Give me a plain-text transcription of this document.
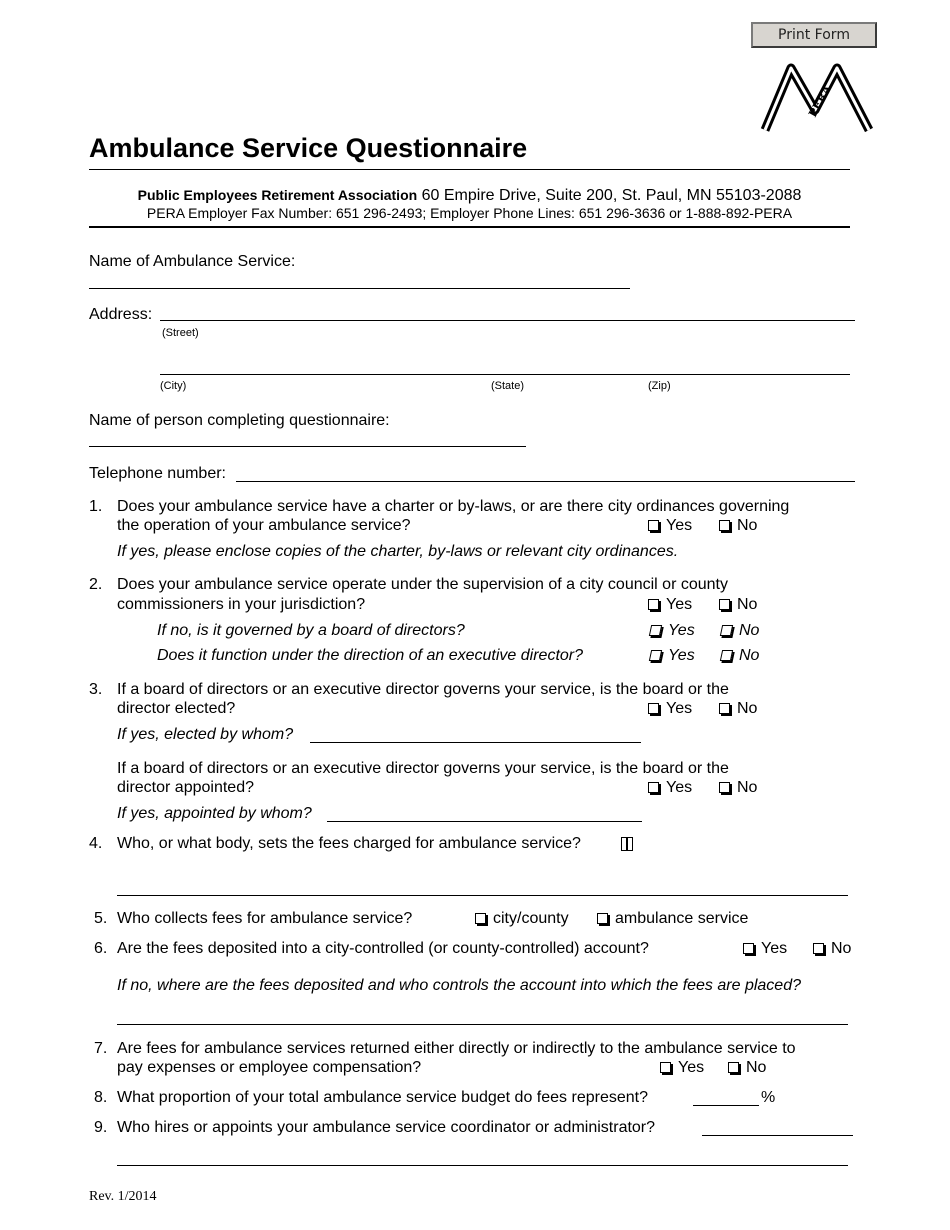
Print Form
PERA
Ambulance Service Questionnaire
Public Employees Retirement Association 60 Empire Drive, Suite 200, St. Paul, MN 55103-2088
PERA Employer Fax Number: 651 296-2493; Employer Phone Lines: 651 296-3636 or 1-888-892-PERA
Name of Ambulance Service:
Address:
(Street)
(City)	(State)	(Zip)
Name of person completing questionnaire:
Telephone number:
1. Does your ambulance service have a charter or by-laws, or are there city ordinances governing
the operation of your ambulance service?	Yes	No
If yes, please enclose copies of the charter, by-laws or relevant city ordinances.
2. Does your ambulance service operate under the supervision of a city council or county
commissioners in your jurisdiction?	Yes	No
If no, is it governed by a board of directors?	Yes	No
Does it function under the direction of an executive director?	Yes	No
3. If a board of directors or an executive director governs your service, is the board or the
director elected?	Yes	No
If yes, elected by whom?
If a board of directors or an executive director governs your service, is the board or the
director appointed?	Yes	No
If yes, appointed by whom?
4. Who, or what body, sets the fees charged for ambulance service?
5. Who collects fees for ambulance service?	city/county	ambulance service
6. Are the fees deposited into a city-controlled (or county-controlled) account?	Yes	No
If no, where are the fees deposited and who controls the account into which the fees are placed?
7. Are fees for ambulance services returned either directly or indirectly to the ambulance service to
pay expenses or employee compensation?	Yes	No
8. What proportion of your total ambulance service budget do fees represent?	%
9. Who hires or appoints your ambulance service coordinator or administrator?
Rev. 1/2014
